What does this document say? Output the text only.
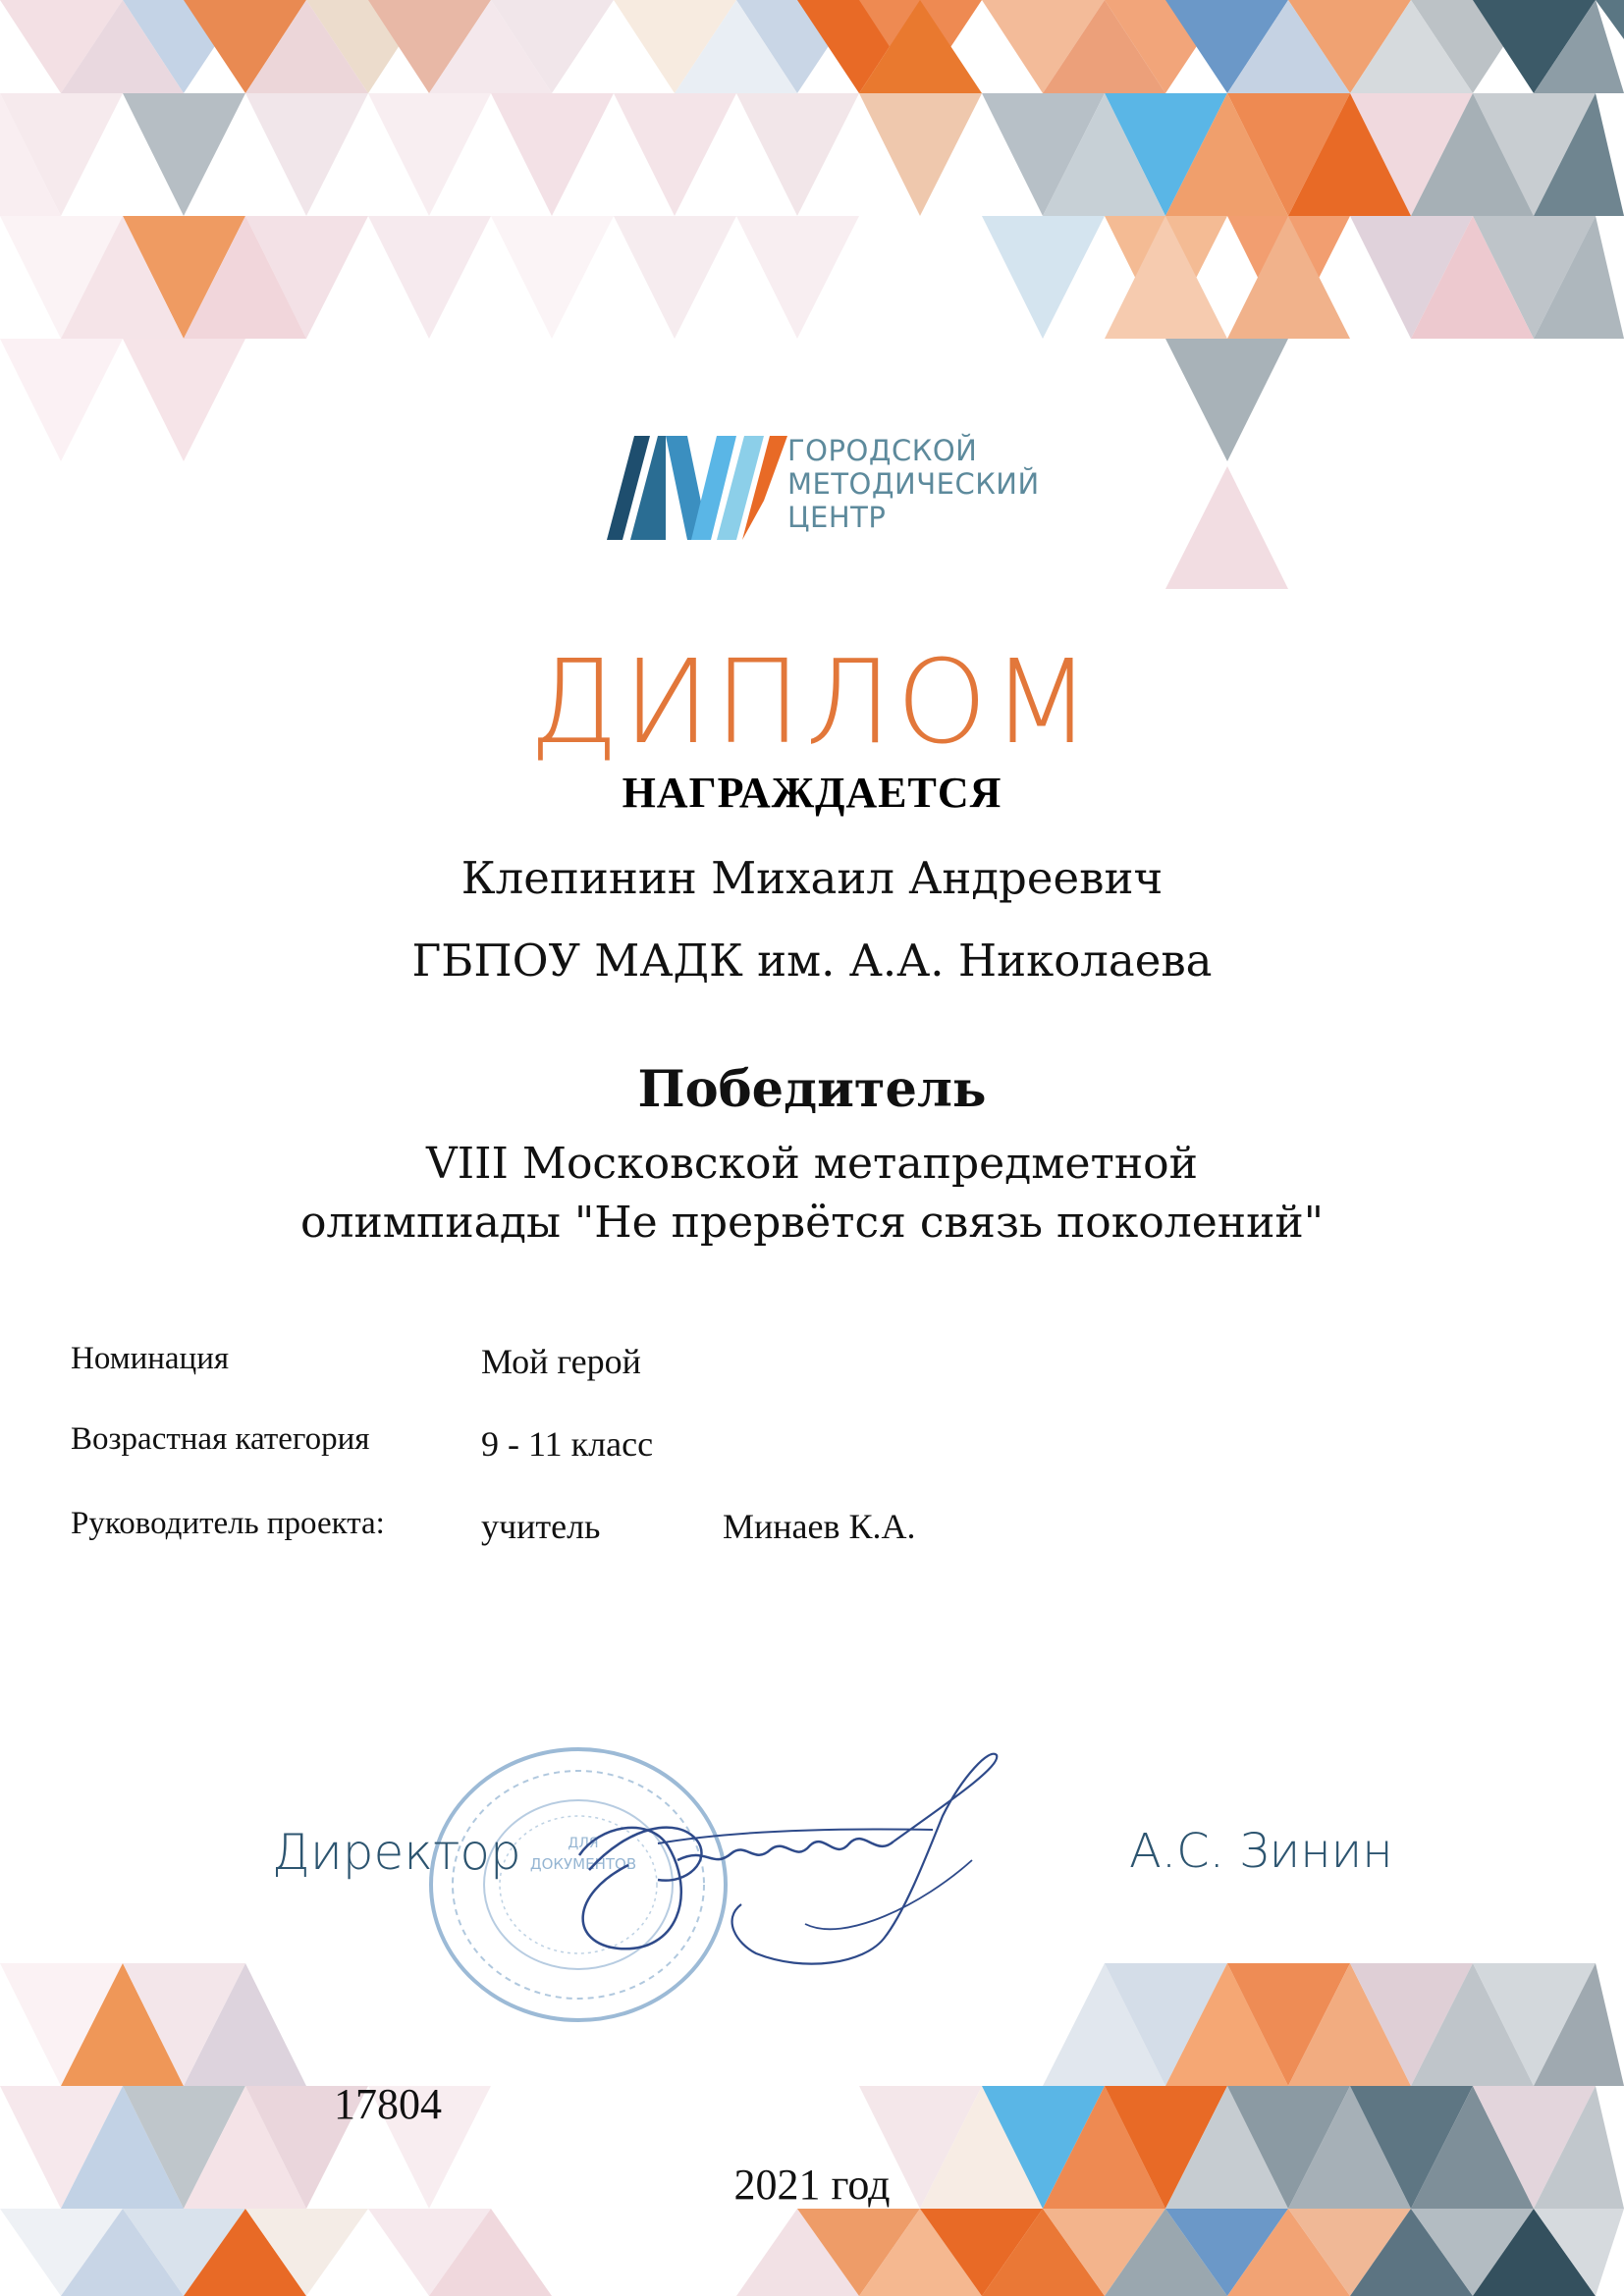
ГОРОДСКОЙ
МЕТОДИЧЕСКИЙ
ЦЕНТР
ДИПЛОМ
НАГРАЖДАЕТСЯ
Клепинин Михаил Андреевич
ГБПОУ МАДК им. А.А. Николаева
Победитель
VIII Московской метапредметной
олимпиады "Не прервётся связь поколений"
Номинация	Мой герой
Возрастная категория	9 - 11 класс
Руководитель проекта:	учитель	Минаев К.А.
ДЛЯ
ДОКУМЕНТОВ
Директор	А.С. Зинин
17804
2021 год
